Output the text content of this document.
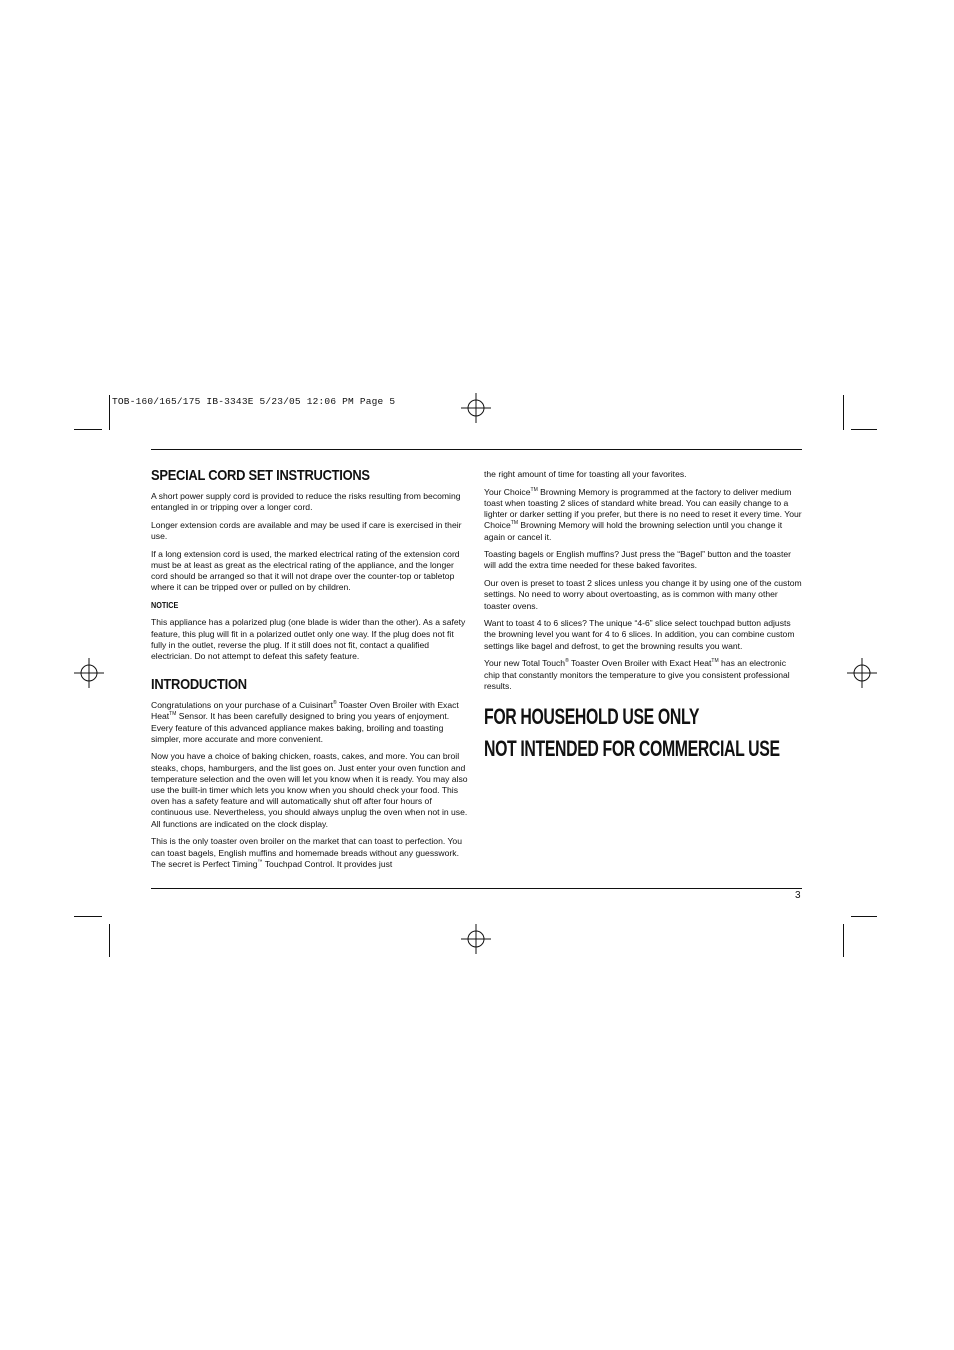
TOB-160/165/175 IB-3343E 5/23/05 12:06 PM Page 5
SPECIAL CORD SET INSTRUCTIONS

A short power supply cord is provided to reduce the risks resulting from becoming entangled in or tripping over a longer cord.

Longer extension cords are available and may be used if care is exercised in their use.

If a long extension cord is used, the marked electrical rating of the extension cord must be at least as great as the electrical rating of the appliance, and the longer cord should be arranged so that it will not drape over the counter-top or tabletop where it can be tripped over or pulled on by children.

NOTICE

This appliance has a polarized plug (one blade is wider than the other). As a safety feature, this plug will fit in a polarized outlet only one way. If the plug does not fit fully in the outlet, reverse the plug. If it still does not fit, contact a qualified electrician. Do not attempt to defeat this safety feature.

INTRODUCTION

Congratulations on your purchase of a Cuisinart® Toaster Oven Broiler with Exact Heat™ Sensor. It has been carefully designed to bring you years of enjoyment. Every feature of this advanced appliance makes baking, broiling and toasting simpler, more accurate and more convenient.

Now you have a choice of baking chicken, roasts, cakes, and more. You can broil steaks, chops, hamburgers, and the list goes on. Just enter your oven function and temperature selection and the oven will let you know when it is ready. You may also use the built-in timer which lets you know when you should check your food. This oven has a safety feature and will automatically shut off after four hours of continuous use. Nevertheless, you should always unplug the oven when not in use. All functions are indicated on the clock display.

This is the only toaster oven broiler on the market that can toast to perfection. You can toast bagels, English muffins and homemade breads without any guesswork. The secret is Perfect Timing™ Touchpad Control. It provides just

the right amount of time for toasting all your favorites.

Your Choice™ Browning Memory is programmed at the factory to deliver medium toast when toasting 2 slices of standard white bread. You can easily change to a lighter or darker setting if you prefer, but there is no need to reset it every time. Your Choice™ Browning Memory will hold the browning selection until you change it again or cancel it.

Toasting bagels or English muffins? Just press the “Bagel” button and the toaster will add the extra time needed for these baked favorites.

Our oven is preset to toast 2 slices unless you change it by using one of the custom settings. No need to worry about overtoasting, as is common with many other toaster ovens.

Want to toast 4 to 6 slices? The unique “4-6” slice select touchpad button adjusts the browning level you want for 4 to 6 slices. In addition, you can combine custom settings like bagel and defrost, to get the browning results you want.

Your new Total Touch® Toaster Oven Broiler with Exact Heat™ has an electronic chip that constantly monitors the temperature to give you consistent professional results.

FOR HOUSEHOLD USE ONLY
NOT INTENDED FOR COMMERCIAL USE
3
